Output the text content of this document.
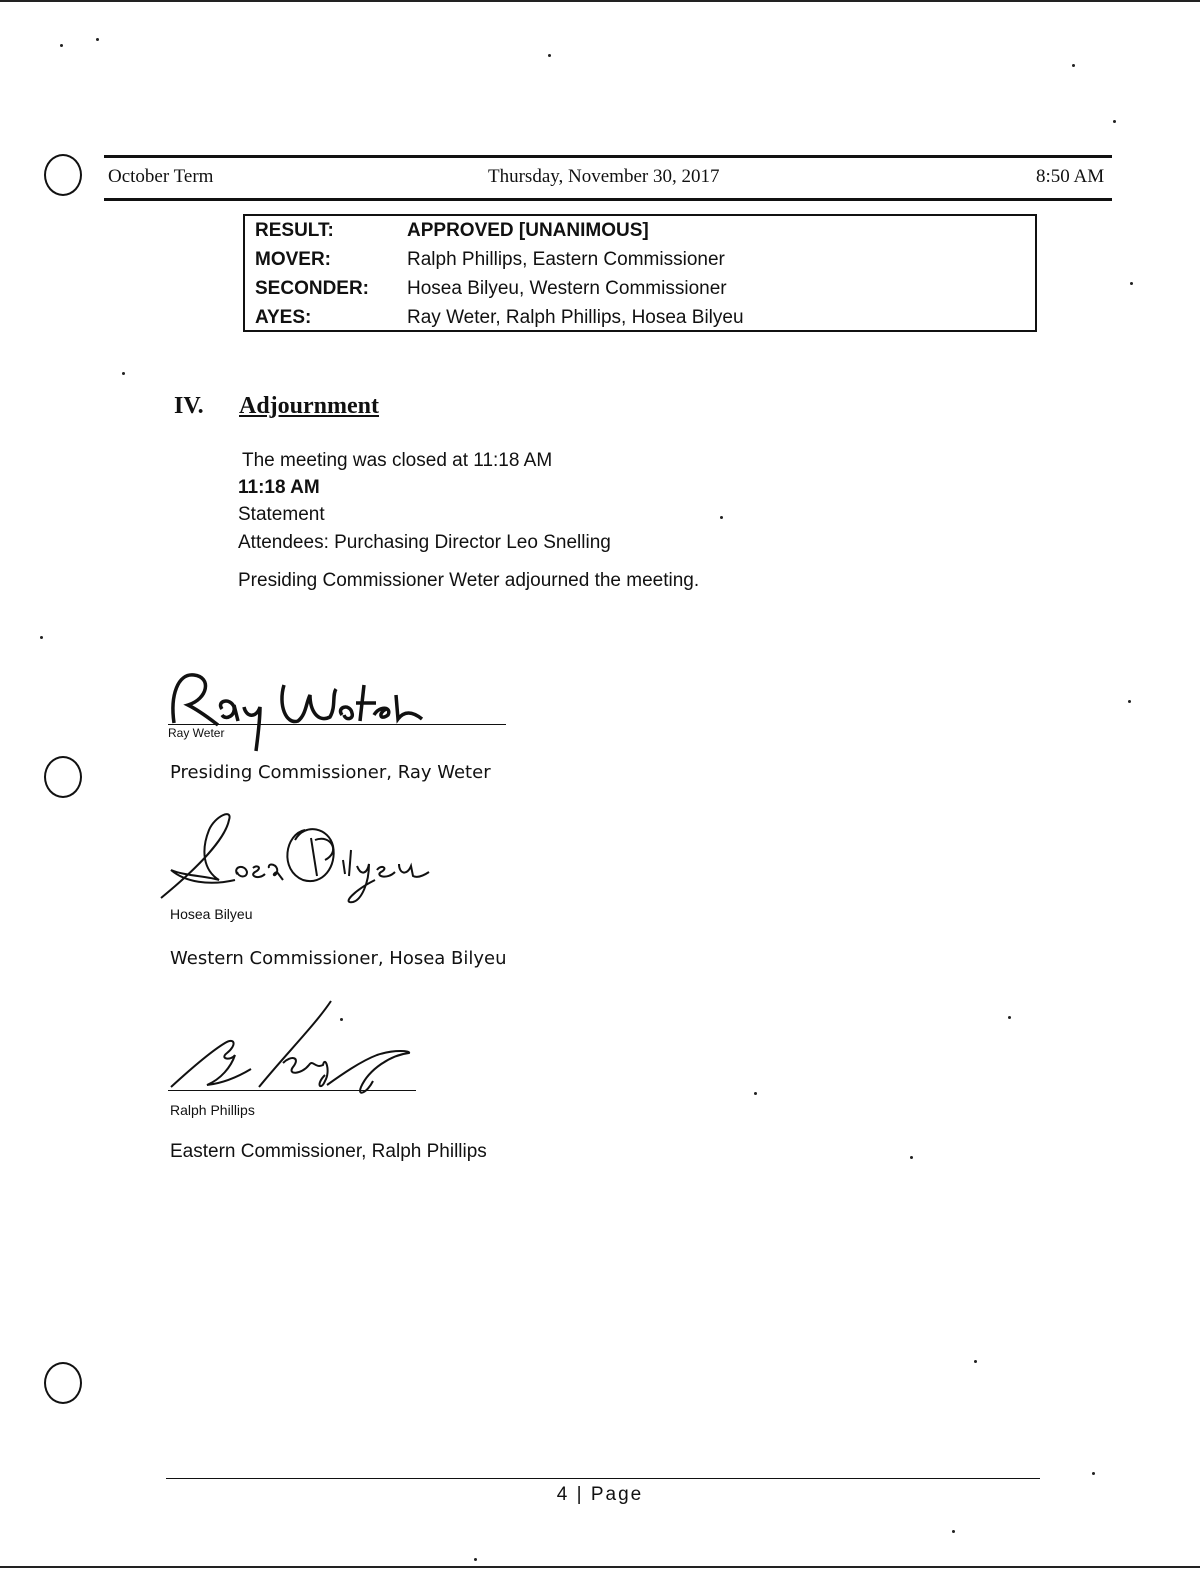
October Term	Thursday, November 30, 2017	8:50 AM
RESULT:	APPROVED [UNANIMOUS]
MOVER:	Ralph Phillips, Eastern Commissioner
SECONDER: Hosea Bilyeu, Western Commissioner
AYES:	Ray Weter, Ralph Phillips, Hosea Bilyeu
IV. Adjournment
The meeting was closed at 11:18 AM
11:18 AM
Statement
Attendees: Purchasing Director Leo Snelling
Presiding Commissioner Weter adjourned the meeting.
Ray Weter
Presiding Commissioner, Ray Weter
Hosea Bilyeu
Western Commissioner, Hosea Bilyeu
Ralph Phillips
Eastern Commissioner, Ralph Phillips
4 | Page
